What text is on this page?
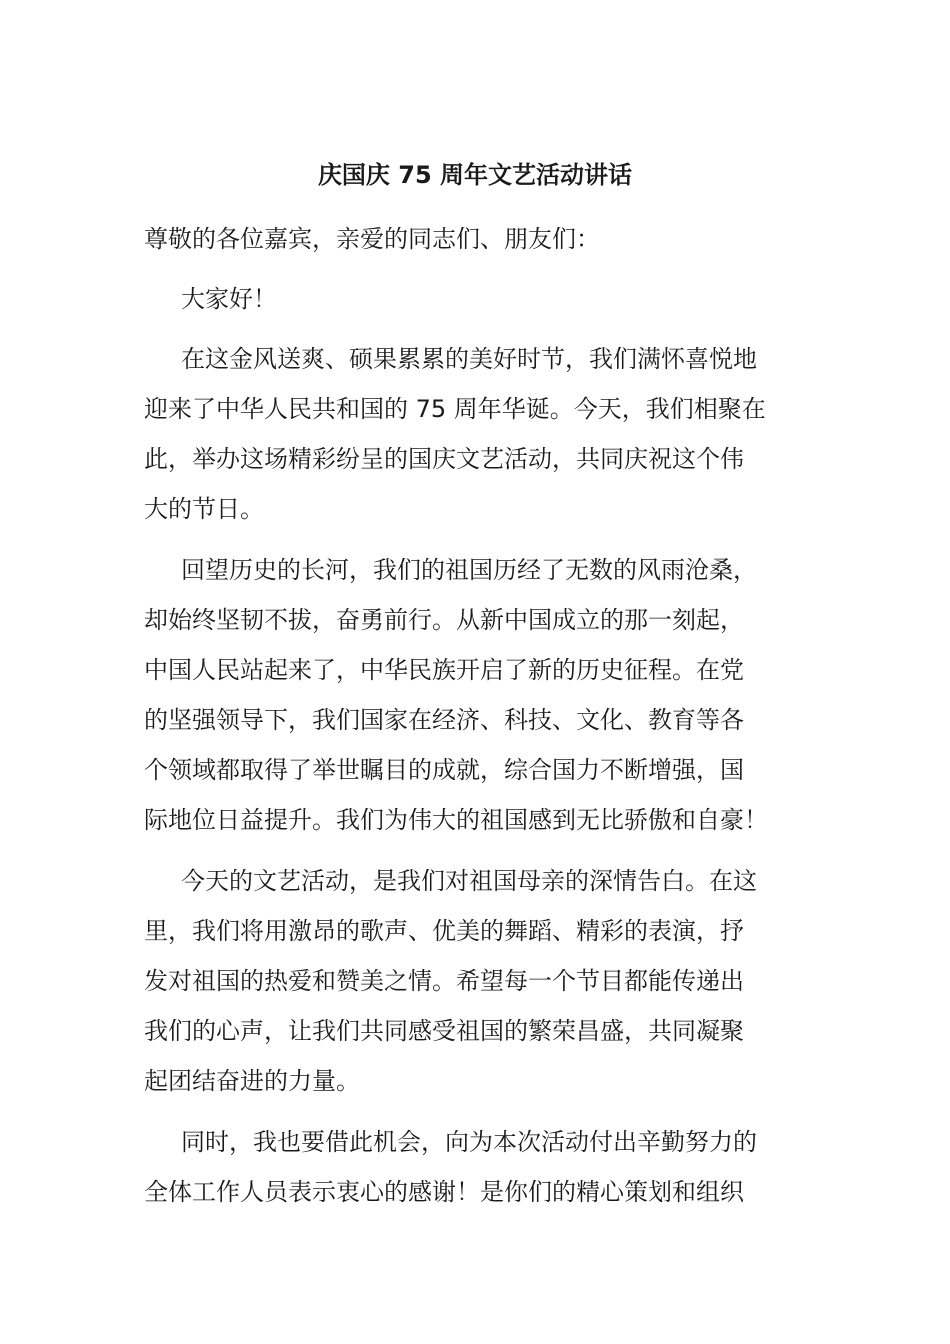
庆国庆 75 周年文艺活动讲话
尊敬的各位嘉宾，亲爱的同志们、朋友们：
大家好！
在这金风送爽、硕果累累的美好时节，我们满怀喜悦地
迎来了中华人民共和国的 75 周年华诞。今天，我们相聚在
此，举办这场精彩纷呈的国庆文艺活动，共同庆祝这个伟
大的节日。
回望历史的长河，我们的祖国历经了无数的风雨沧桑，
却始终坚韧不拔，奋勇前行。从新中国成立的那一刻起，
中国人民站起来了，中华民族开启了新的历史征程。在党
的坚强领导下，我们国家在经济、科技、文化、教育等各
个领域都取得了举世瞩目的成就，综合国力不断增强，国
际地位日益提升。我们为伟大的祖国感到无比骄傲和自豪！
今天的文艺活动，是我们对祖国母亲的深情告白。在这
里，我们将用激昂的歌声、优美的舞蹈、精彩的表演，抒
发对祖国的热爱和赞美之情。希望每一个节目都能传递出
我们的心声，让我们共同感受祖国的繁荣昌盛，共同凝聚
起团结奋进的力量。
同时，我也要借此机会，向为本次活动付出辛勤努力的
全体工作人员表示衷心的感谢！是你们的精心策划和组织
